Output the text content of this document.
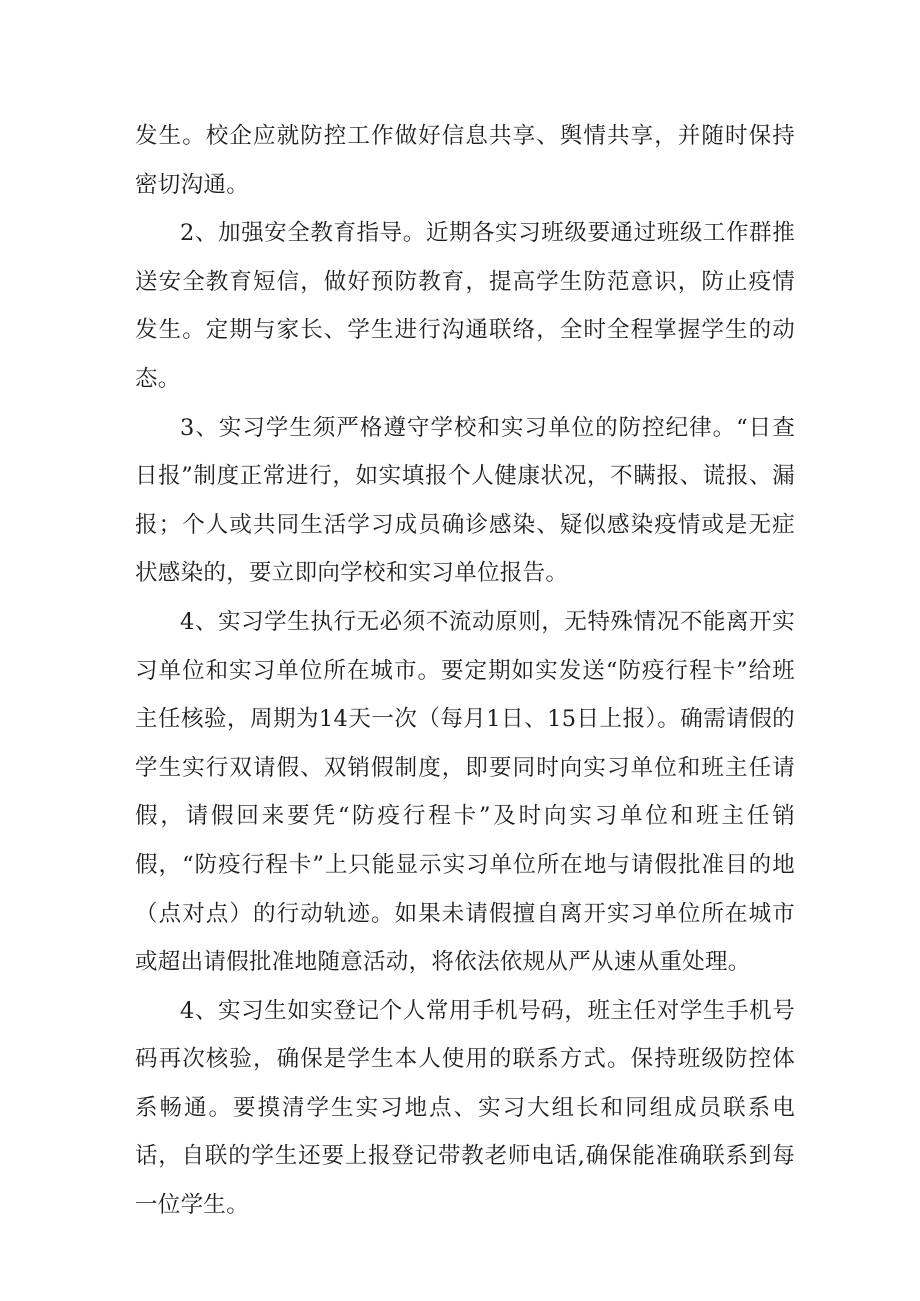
发生。校企应就防控工作做好信息共享、舆情共享，并随时保持密切沟通。

2、加强安全教育指导。近期各实习班级要通过班级工作群推送安全教育短信，做好预防教育，提高学生防范意识，防止疫情发生。定期与家长、学生进行沟通联络，全时全程掌握学生的动态。

3、实习学生须严格遵守学校和实习单位的防控纪律。“日查日报”制度正常进行，如实填报个人健康状况，不瞒报、谎报、漏报；个人或共同生活学习成员确诊感染、疑似感染疫情或是无症状感染的，要立即向学校和实习单位报告。

4、实习学生执行无必须不流动原则，无特殊情况不能离开实习单位和实习单位所在城市。要定期如实发送“防疫行程卡”给班主任核验，周期为14天一次（每月1日、15日上报）。确需请假的学生实行双请假、双销假制度，即要同时向实习单位和班主任请假，请假回来要凭“防疫行程卡”及时向实习单位和班主任销假，“防疫行程卡”上只能显示实习单位所在地与请假批准目的地（点对点）的行动轨迹。如果未请假擅自离开实习单位所在城市或超出请假批准地随意活动，将依法依规从严从速从重处理。

4、实习生如实登记个人常用手机号码，班主任对学生手机号码再次核验，确保是学生本人使用的联系方式。保持班级防控体系畅通。要摸清学生实习地点、实习大组长和同组成员联系电话，自联的学生还要上报登记带教老师电话,确保能准确联系到每一位学生。
